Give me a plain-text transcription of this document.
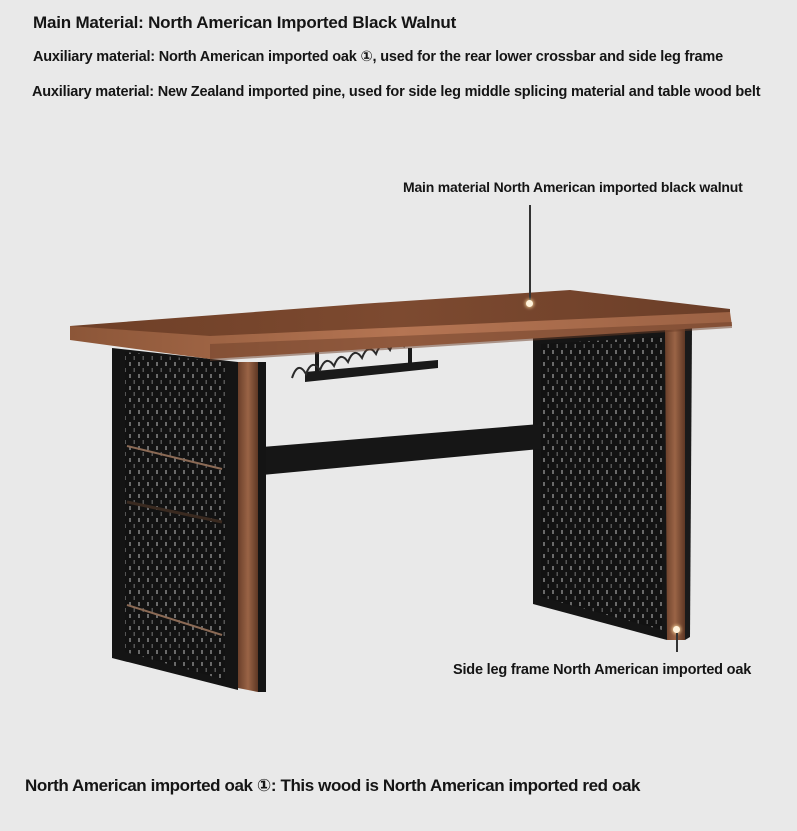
Main Material: North American Imported Black Walnut
Auxiliary material: North American imported oak ①, used for the rear lower crossbar and side leg frame
Auxiliary material: New Zealand imported pine, used for side leg middle splicing material and table wood belt
Main material North American imported black walnut
Side leg frame North American imported oak
North American imported oak ①: This wood is North American imported red oak
